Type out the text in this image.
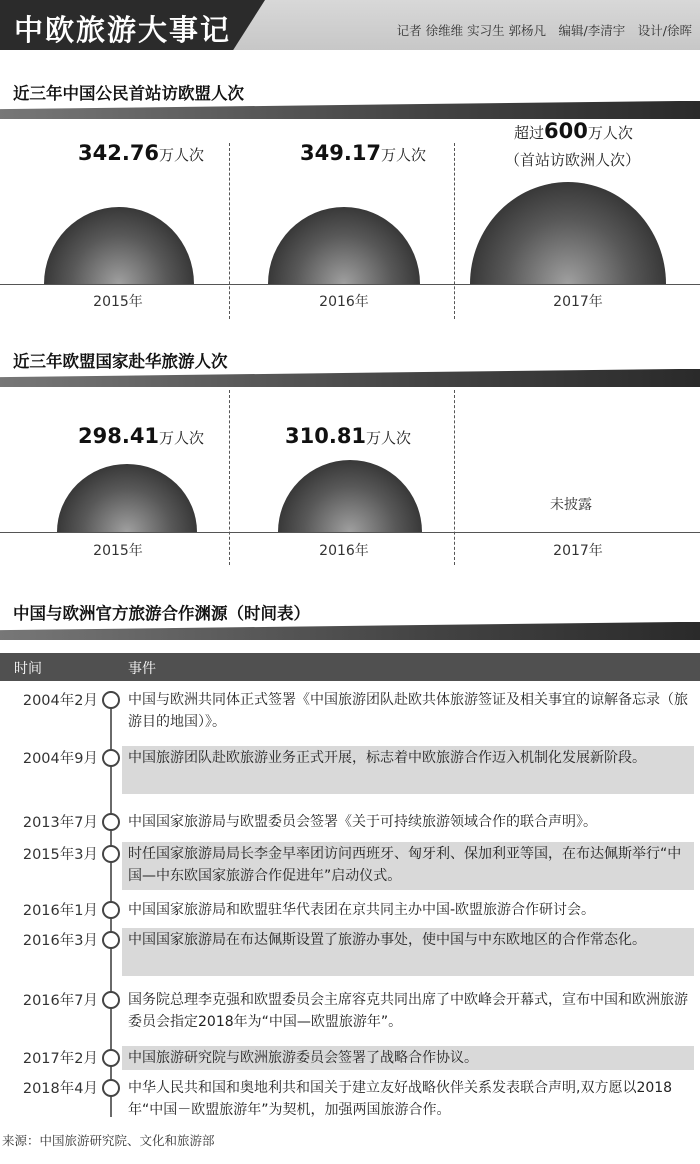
中欧旅游大事记	记者 徐维维 实习生 郭杨凡　编辑/李清宇　设计/徐晖
近三年中国公民首站访欧盟人次
342.76万人次	349.17万人次
超过600万人次
（首站访欧洲人次）
2015年	2016年	2017年
近三年欧盟国家赴华旅游人次
298.41万人次	310.81万人次
未披露
2015年	2016年	2017年
中国与欧洲官方旅游合作渊源（时间表）
时间	事件
2004年2月 中国与欧洲共同体正式签署《中国旅游团队赴欧共体旅游签证及相关事宜的谅解备忘录（旅游目的地国）》。
2004年9月 中国旅游团队赴欧旅游业务正式开展，标志着中欧旅游合作迈入机制化发展新阶段。
2013年7月 中国国家旅游局与欧盟委员会签署《关于可持续旅游领域合作的联合声明》。
2015年3月 时任国家旅游局局长李金早率团访问西班牙、匈牙利、保加利亚等国，在布达佩斯举行“中国—中东欧国家旅游合作促进年”启动仪式。
2016年1月 中国国家旅游局和欧盟驻华代表团在京共同主办中国-欧盟旅游合作研讨会。
2016年3月 中国国家旅游局在布达佩斯设置了旅游办事处，使中国与中东欧地区的合作常态化。
2016年7月 国务院总理李克强和欧盟委员会主席容克共同出席了中欧峰会开幕式，宣布中国和欧洲旅游委员会指定2018年为“中国—欧盟旅游年”。
2017年2月 中国旅游研究院与欧洲旅游委员会签署了战略合作协议。
2018年4月 中华人民共和国和奥地利共和国关于建立友好战略伙伴关系发表联合声明,双方愿以2018年“中国－欧盟旅游年”为契机，加强两国旅游合作。
来源：中国旅游研究院、文化和旅游部
